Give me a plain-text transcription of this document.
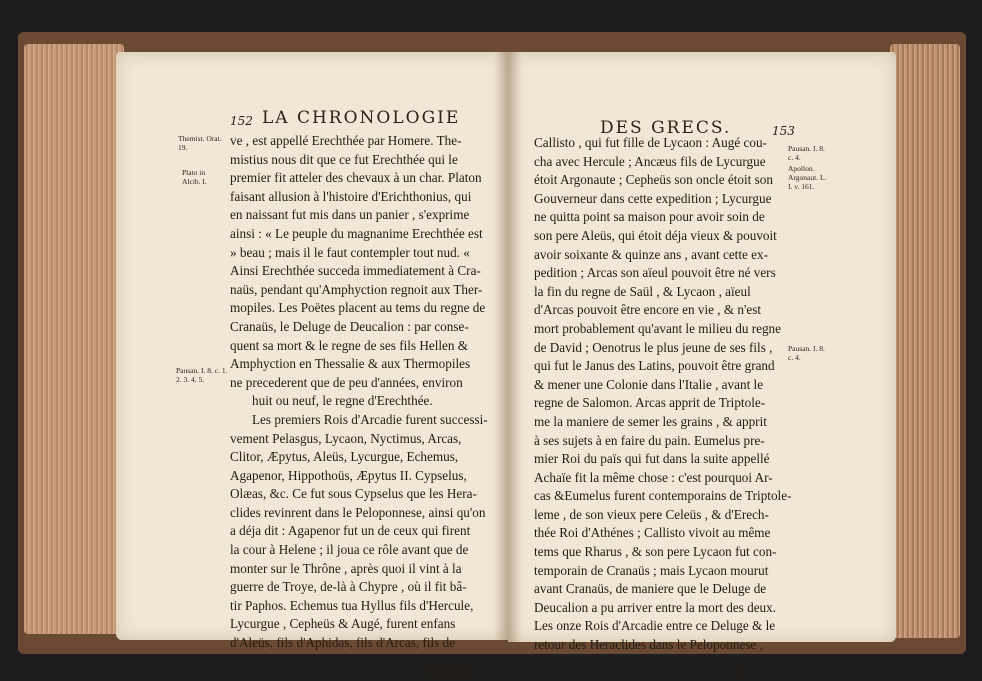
152 LA CHRONOLOGIE
Themist. Orat. 19.
Plato in Alcib. I.
Pausan. I. 8. c. 1. 2. 3. 4. 5.
ve , est appellé Erechthée par Homere. The-
mistius nous dit que ce fut Erechthée qui le
premier fit atteler des chevaux à un char. Platon
faisant allusion à l'histoire d'Erichthonius, qui
en naissant fut mis dans un panier , s'exprime
ainsi : « Le peuple du magnanime Erechthée est
» beau ; mais il le faut contempler tout nud. «
Ainsi Erechthée succeda immediatement à Cra-
naüs, pendant qu'Amphyction regnoit aux Ther-
mopiles. Les Poëtes placent au tems du regne de
Cranaüs, le Deluge de Deucalion : par conse-
quent sa mort & le regne de ses fils Hellen &
Amphyction en Thessalie & aux Thermopiles
ne precederent que de peu d'années, environ
huit ou neuf, le regne d'Erechthée.
Les premiers Rois d'Arcadie furent successi-
vement Pelasgus, Lycaon, Nyctimus, Arcas,
Clitor, Æpytus, Aleüs, Lycurgue, Echemus,
Agapenor, Hippothoüs, Æpytus II. Cypselus,
Olæas, &c. Ce fut sous Cypselus que les Hera-
clides revinrent dans le Peloponnese, ainsi qu'on
a déja dit : Agapenor fut un de ceux qui firent
la cour à Helene ; il joua ce rôle avant que de
monter sur le Thrône , après quoi il vint à la
guerre de Troye, de-là à Chypre , où il fit bâ-
tir Paphos. Echemus tua Hyllus fils d'Hercule,
Lycurgue , Cepheüs & Augé, furent enfans
d'Aleüs, fils d'Aphidas, fils d'Arcas, fils de
Callisto
DES GRECS.	153
Pausan. I. 8. c. 4.
Apollon. Argonaut. L. I. v. 161.
Pausan. I. 8. c. 4.
Callisto , qui fut fille de Lycaon : Augé cou-
cha avec Hercule ; Ancæus fils de Lycurgue
étoit Argonaute ; Cepheüs son oncle étoit son
Gouverneur dans cette expedition ; Lycurgue
ne quitta point sa maison pour avoir soin de
son pere Aleüs, qui étoit déja vieux & pouvoit
avoir soixante & quinze ans , avant cette ex-
pedition ; Arcas son aïeul pouvoit être né vers
la fin du regne de Saül , & Lycaon , aïeul
d'Arcas pouvoit être encore en vie , & n'est
mort probablement qu'avant le milieu du regne
de David ; Oenotrus le plus jeune de ses fils ,
qui fut le Janus des Latins, pouvoit être grand
& mener une Colonie dans l'Italie , avant le
regne de Salomon. Arcas apprit de Triptole-
me la maniere de semer les grains , & apprit
à ses sujets à en faire du pain. Eumelus pre-
mier Roi du païs qui fut dans la suite appellé
Achaïe fit la même chose : c'est pourquoi Ar-
cas &Eumelus furent contemporains de Triptole-
leme , de son vieux pere Celeüs , & d'Erech-
thée Roi d'Athénes ; Callisto vivoit au même
tems que Rharus , & son pere Lycaon fut con-
temporain de Cranaüs ; mais Lycaon mourut
avant Cranaüs, de maniere que le Deluge de
Deucalion a pu arriver entre la mort des deux.
Les onze Rois d'Arcadie entre ce Deluge & le
retour des Heraclides dans le Peloponnese ,
V
